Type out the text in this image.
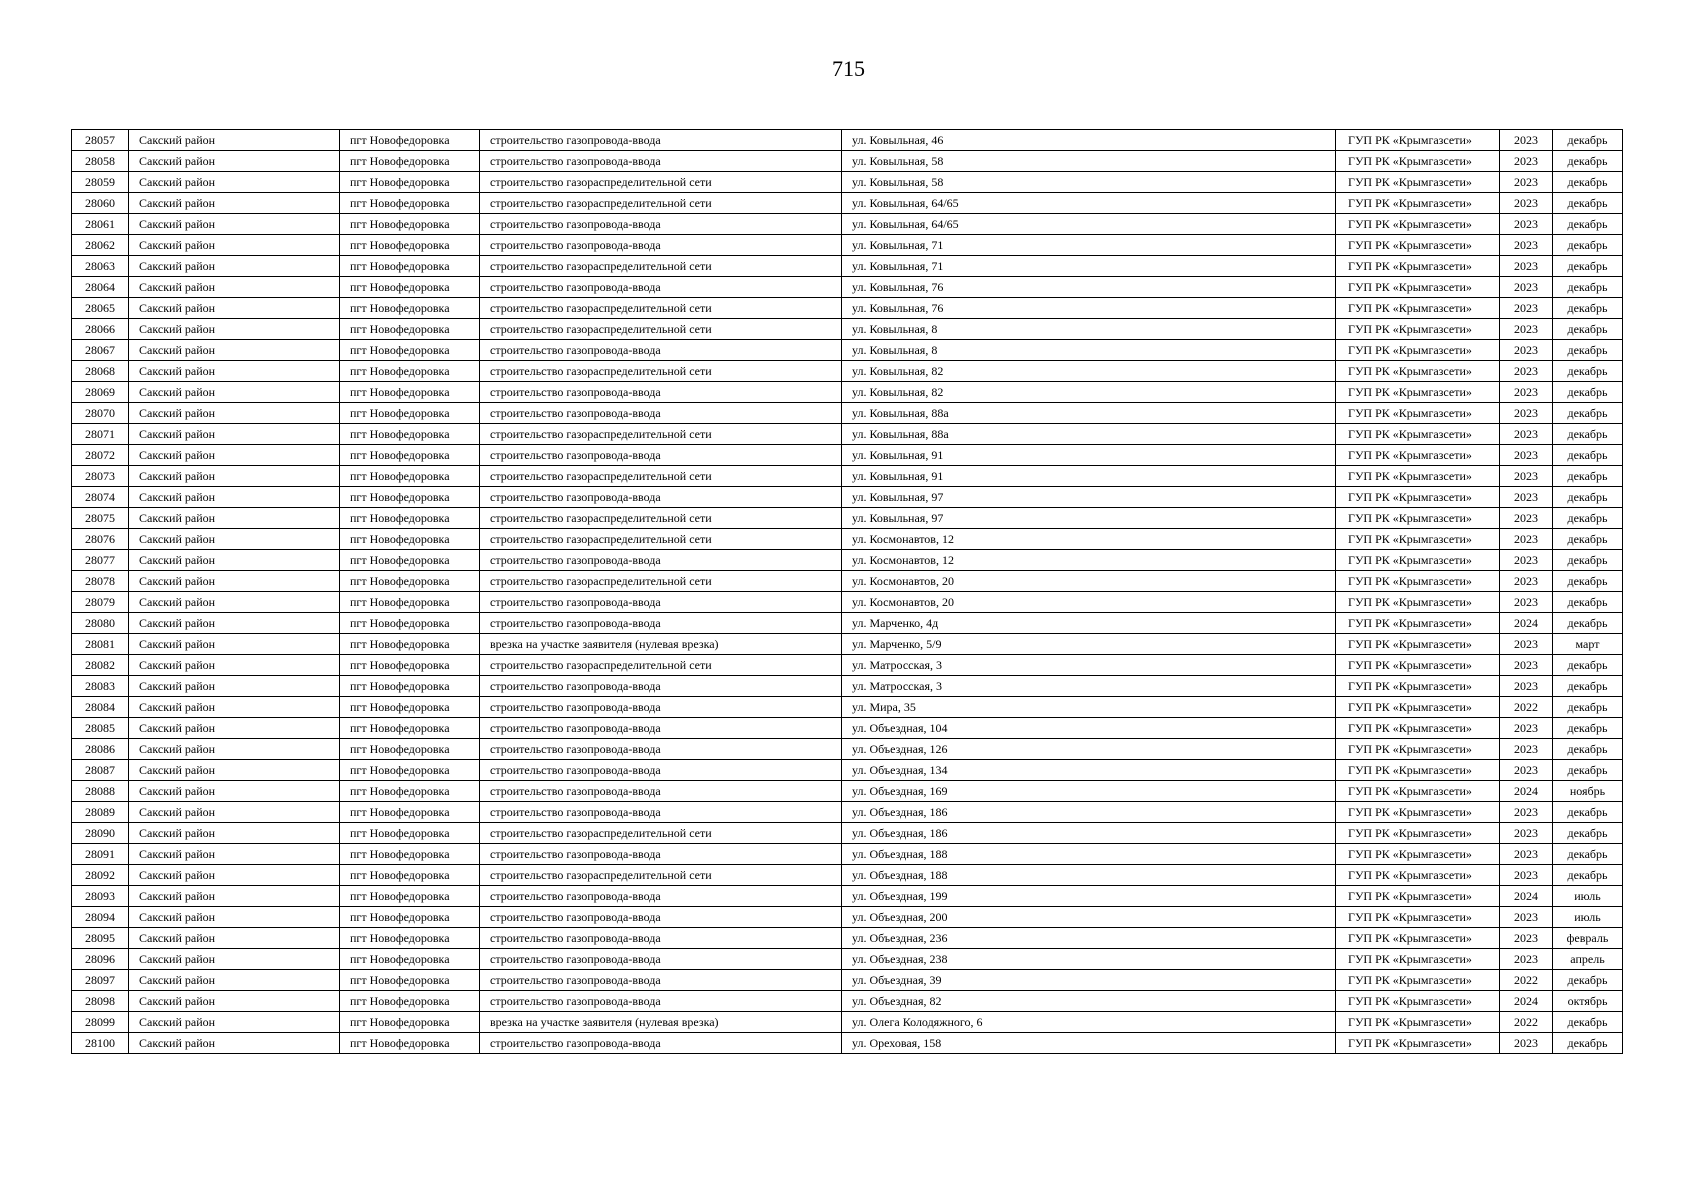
715
28057	Сакский район	пгт Новофедоровка	строительство газопровода-ввода	ул. Ковыльная, 46	ГУП РК «Крымгазсети»	2023	декабрь
28058	Сакский район	пгт Новофедоровка	строительство газопровода-ввода	ул. Ковыльная, 58	ГУП РК «Крымгазсети»	2023	декабрь
28059	Сакский район	пгт Новофедоровка	строительство газораспределительной сети	ул. Ковыльная, 58	ГУП РК «Крымгазсети»	2023	декабрь
28060	Сакский район	пгт Новофедоровка	строительство газораспределительной сети	ул. Ковыльная, 64/65	ГУП РК «Крымгазсети»	2023	декабрь
28061	Сакский район	пгт Новофедоровка	строительство газопровода-ввода	ул. Ковыльная, 64/65	ГУП РК «Крымгазсети»	2023	декабрь
28062	Сакский район	пгт Новофедоровка	строительство газопровода-ввода	ул. Ковыльная, 71	ГУП РК «Крымгазсети»	2023	декабрь
28063	Сакский район	пгт Новофедоровка	строительство газораспределительной сети	ул. Ковыльная, 71	ГУП РК «Крымгазсети»	2023	декабрь
28064	Сакский район	пгт Новофедоровка	строительство газопровода-ввода	ул. Ковыльная, 76	ГУП РК «Крымгазсети»	2023	декабрь
28065	Сакский район	пгт Новофедоровка	строительство газораспределительной сети	ул. Ковыльная, 76	ГУП РК «Крымгазсети»	2023	декабрь
28066	Сакский район	пгт Новофедоровка	строительство газораспределительной сети	ул. Ковыльная, 8	ГУП РК «Крымгазсети»	2023	декабрь
28067	Сакский район	пгт Новофедоровка	строительство газопровода-ввода	ул. Ковыльная, 8	ГУП РК «Крымгазсети»	2023	декабрь
28068	Сакский район	пгт Новофедоровка	строительство газораспределительной сети	ул. Ковыльная, 82	ГУП РК «Крымгазсети»	2023	декабрь
28069	Сакский район	пгт Новофедоровка	строительство газопровода-ввода	ул. Ковыльная, 82	ГУП РК «Крымгазсети»	2023	декабрь
28070	Сакский район	пгт Новофедоровка	строительство газопровода-ввода	ул. Ковыльная, 88а	ГУП РК «Крымгазсети»	2023	декабрь
28071	Сакский район	пгт Новофедоровка	строительство газораспределительной сети	ул. Ковыльная, 88а	ГУП РК «Крымгазсети»	2023	декабрь
28072	Сакский район	пгт Новофедоровка	строительство газопровода-ввода	ул. Ковыльная, 91	ГУП РК «Крымгазсети»	2023	декабрь
28073	Сакский район	пгт Новофедоровка	строительство газораспределительной сети	ул. Ковыльная, 91	ГУП РК «Крымгазсети»	2023	декабрь
28074	Сакский район	пгт Новофедоровка	строительство газопровода-ввода	ул. Ковыльная, 97	ГУП РК «Крымгазсети»	2023	декабрь
28075	Сакский район	пгт Новофедоровка	строительство газораспределительной сети	ул. Ковыльная, 97	ГУП РК «Крымгазсети»	2023	декабрь
28076	Сакский район	пгт Новофедоровка	строительство газораспределительной сети	ул. Космонавтов, 12	ГУП РК «Крымгазсети»	2023	декабрь
28077	Сакский район	пгт Новофедоровка	строительство газопровода-ввода	ул. Космонавтов, 12	ГУП РК «Крымгазсети»	2023	декабрь
28078	Сакский район	пгт Новофедоровка	строительство газораспределительной сети	ул. Космонавтов, 20	ГУП РК «Крымгазсети»	2023	декабрь
28079	Сакский район	пгт Новофедоровка	строительство газопровода-ввода	ул. Космонавтов, 20	ГУП РК «Крымгазсети»	2023	декабрь
28080	Сакский район	пгт Новофедоровка	строительство газопровода-ввода	ул. Марченко, 4д	ГУП РК «Крымгазсети»	2024	декабрь
28081	Сакский район	пгт Новофедоровка	врезка на участке заявителя (нулевая врезка)	ул. Марченко, 5/9	ГУП РК «Крымгазсети»	2023	март
28082	Сакский район	пгт Новофедоровка	строительство газораспределительной сети	ул. Матросская, 3	ГУП РК «Крымгазсети»	2023	декабрь
28083	Сакский район	пгт Новофедоровка	строительство газопровода-ввода	ул. Матросская, 3	ГУП РК «Крымгазсети»	2023	декабрь
28084	Сакский район	пгт Новофедоровка	строительство газопровода-ввода	ул. Мира, 35	ГУП РК «Крымгазсети»	2022	декабрь
28085	Сакский район	пгт Новофедоровка	строительство газопровода-ввода	ул. Объездная, 104	ГУП РК «Крымгазсети»	2023	декабрь
28086	Сакский район	пгт Новофедоровка	строительство газопровода-ввода	ул. Объездная, 126	ГУП РК «Крымгазсети»	2023	декабрь
28087	Сакский район	пгт Новофедоровка	строительство газопровода-ввода	ул. Объездная, 134	ГУП РК «Крымгазсети»	2023	декабрь
28088	Сакский район	пгт Новофедоровка	строительство газопровода-ввода	ул. Объездная, 169	ГУП РК «Крымгазсети»	2024	ноябрь
28089	Сакский район	пгт Новофедоровка	строительство газопровода-ввода	ул. Объездная, 186	ГУП РК «Крымгазсети»	2023	декабрь
28090	Сакский район	пгт Новофедоровка	строительство газораспределительной сети	ул. Объездная, 186	ГУП РК «Крымгазсети»	2023	декабрь
28091	Сакский район	пгт Новофедоровка	строительство газопровода-ввода	ул. Объездная, 188	ГУП РК «Крымгазсети»	2023	декабрь
28092	Сакский район	пгт Новофедоровка	строительство газораспределительной сети	ул. Объездная, 188	ГУП РК «Крымгазсети»	2023	декабрь
28093	Сакский район	пгт Новофедоровка	строительство газопровода-ввода	ул. Объездная, 199	ГУП РК «Крымгазсети»	2024	июль
28094	Сакский район	пгт Новофедоровка	строительство газопровода-ввода	ул. Объездная, 200	ГУП РК «Крымгазсети»	2023	июль
28095	Сакский район	пгт Новофедоровка	строительство газопровода-ввода	ул. Объездная, 236	ГУП РК «Крымгазсети»	2023	февраль
28096	Сакский район	пгт Новофедоровка	строительство газопровода-ввода	ул. Объездная, 238	ГУП РК «Крымгазсети»	2023	апрель
28097	Сакский район	пгт Новофедоровка	строительство газопровода-ввода	ул. Объездная, 39	ГУП РК «Крымгазсети»	2022	декабрь
28098	Сакский район	пгт Новофедоровка	строительство газопровода-ввода	ул. Объездная, 82	ГУП РК «Крымгазсети»	2024	октябрь
28099	Сакский район	пгт Новофедоровка	врезка на участке заявителя (нулевая врезка)	ул. Олега Колодяжного, 6	ГУП РК «Крымгазсети»	2022	декабрь
28100	Сакский район	пгт Новофедоровка	строительство газопровода-ввода	ул. Ореховая, 158	ГУП РК «Крымгазсети»	2023	декабрь
